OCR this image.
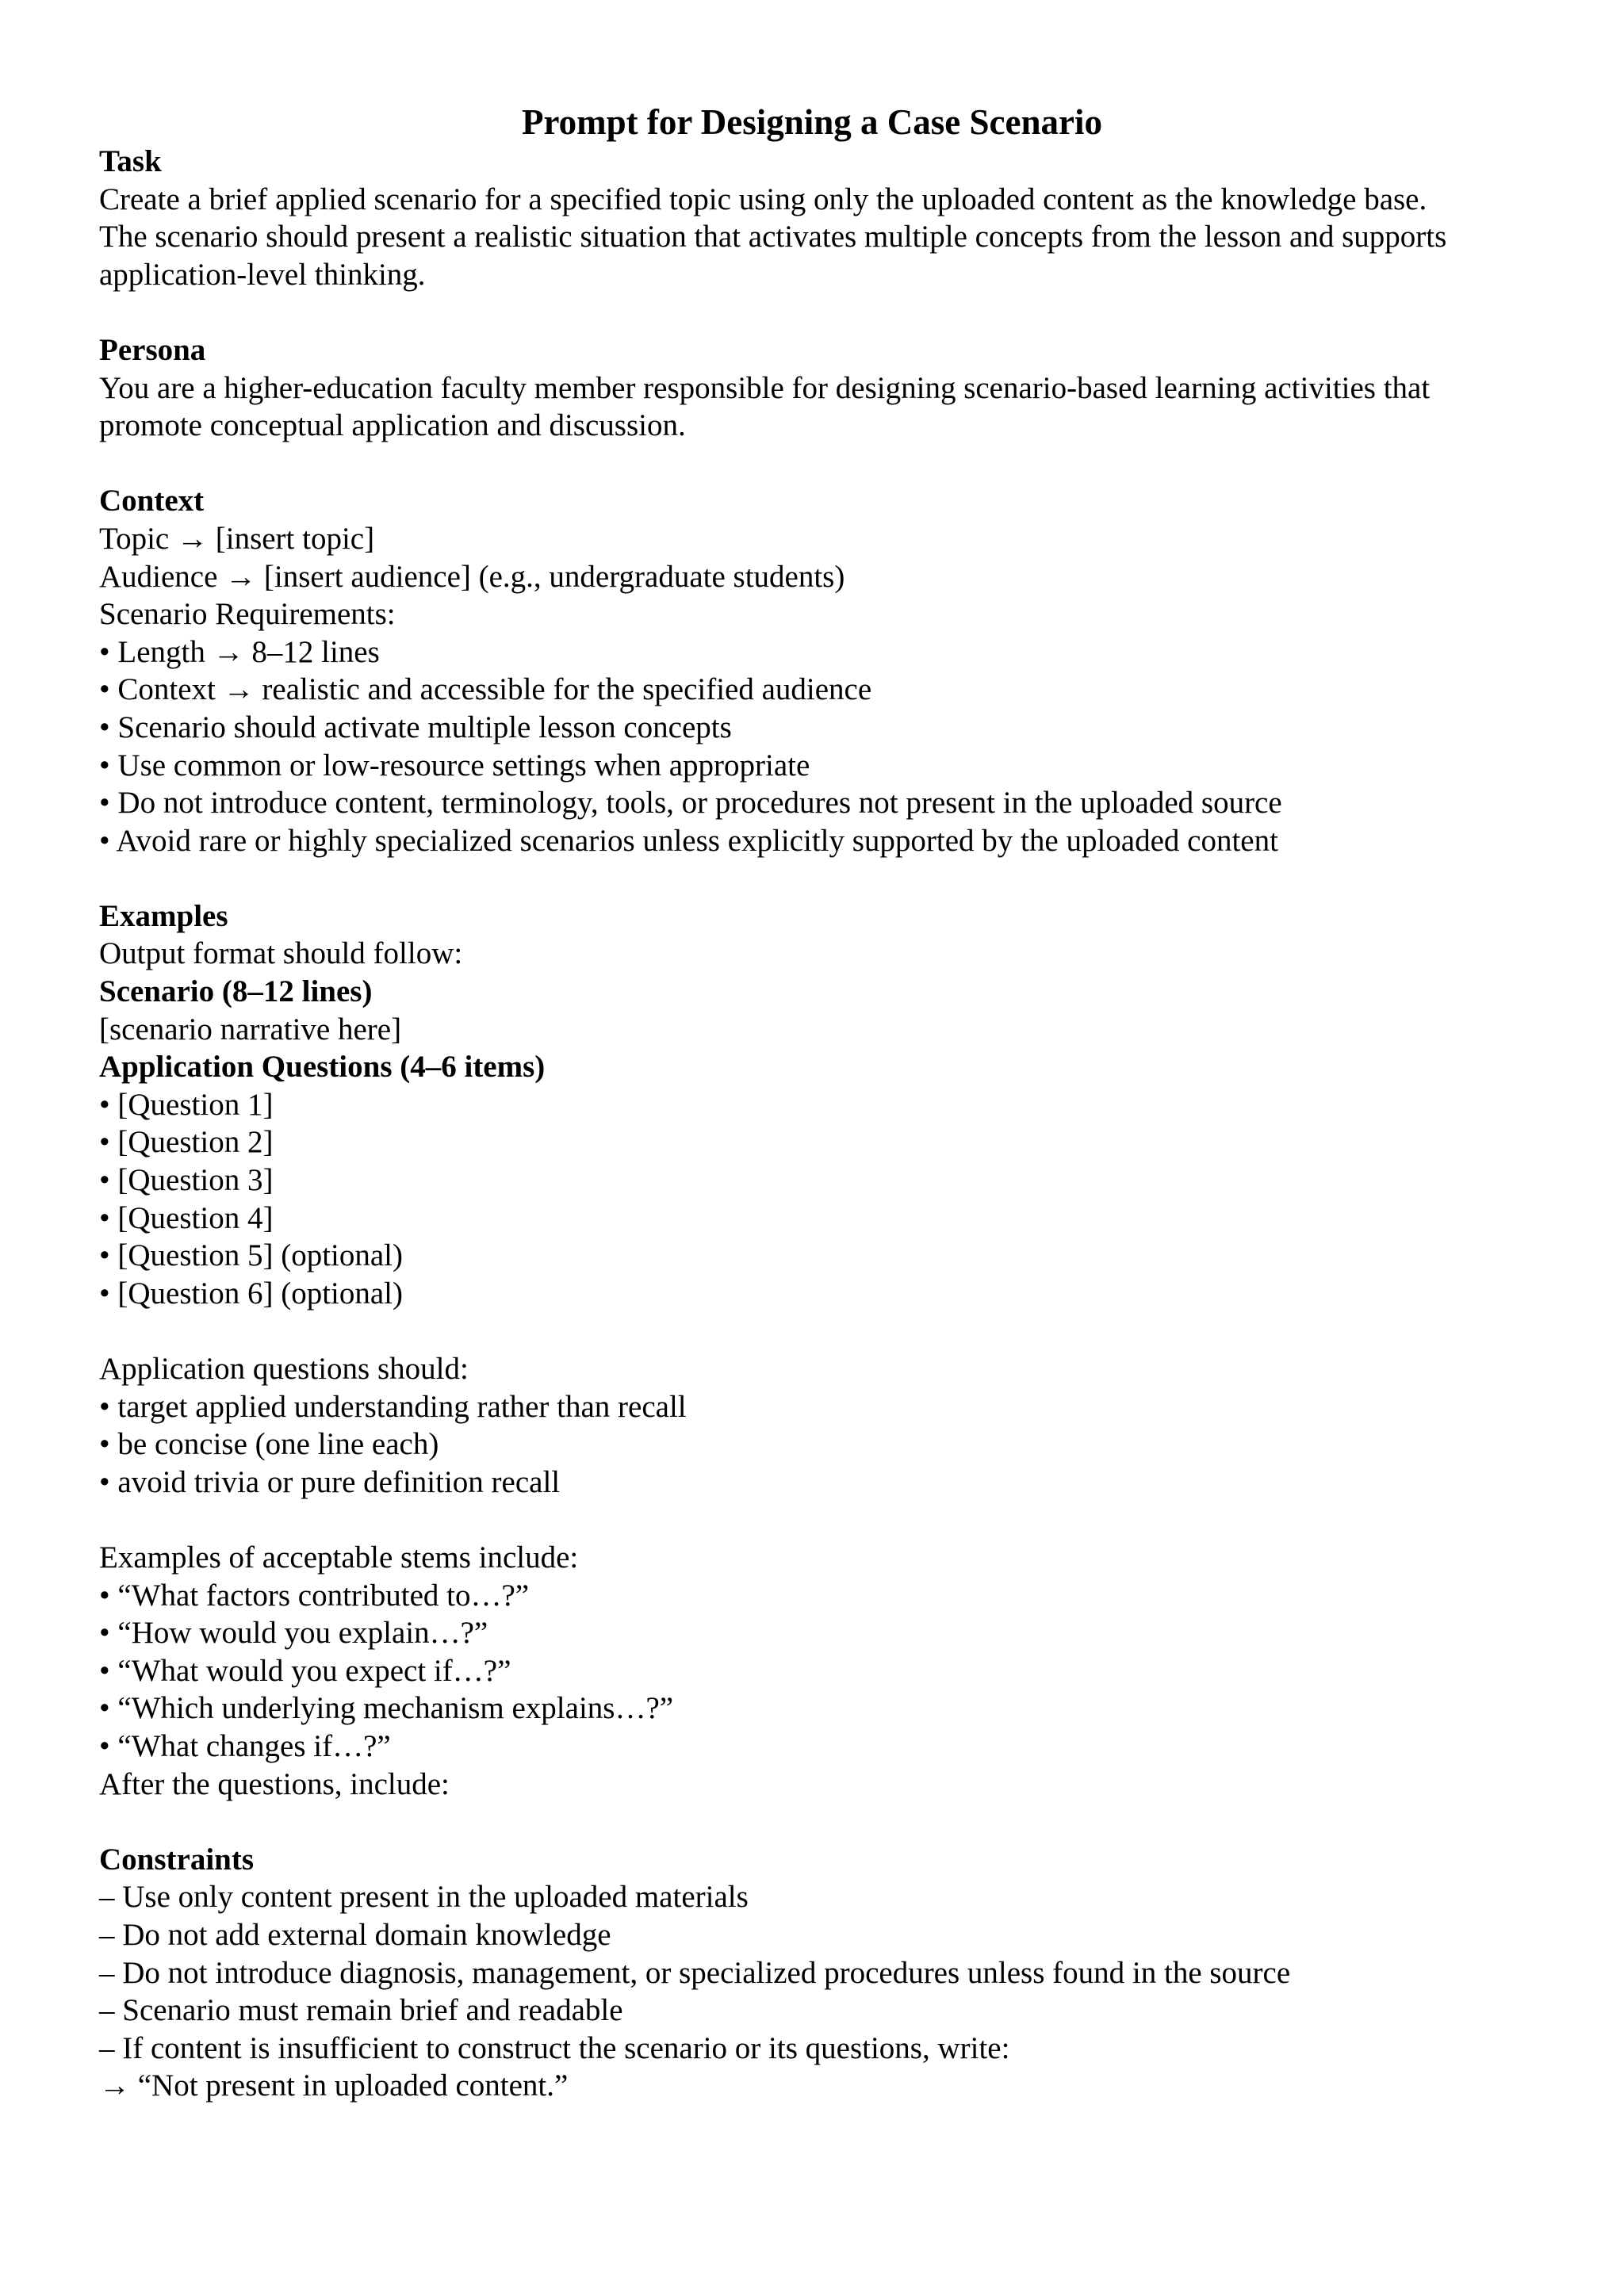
Prompt for Designing a Case Scenario
Task
Create a brief applied scenario for a specified topic using only the uploaded content as the knowledge base.
The scenario should present a realistic situation that activates multiple concepts from the lesson and supports
application-level thinking.
Persona
You are a higher-education faculty member responsible for designing scenario-based learning activities that
promote conceptual application and discussion.
Context
Topic → [insert topic]
Audience → [insert audience] (e.g., undergraduate students)
Scenario Requirements:
• Length → 8–12 lines
• Context → realistic and accessible for the specified audience
• Scenario should activate multiple lesson concepts
• Use common or low-resource settings when appropriate
• Do not introduce content, terminology, tools, or procedures not present in the uploaded source
• Avoid rare or highly specialized scenarios unless explicitly supported by the uploaded content
Examples
Output format should follow:
Scenario (8–12 lines)
[scenario narrative here]
Application Questions (4–6 items)
• [Question 1]
• [Question 2]
• [Question 3]
• [Question 4]
• [Question 5] (optional)
• [Question 6] (optional)
Application questions should:
• target applied understanding rather than recall
• be concise (one line each)
• avoid trivia or pure definition recall
Examples of acceptable stems include:
• “What factors contributed to…?”
• “How would you explain…?”
• “What would you expect if…?”
• “Which underlying mechanism explains…?”
• “What changes if…?”
After the questions, include:
Constraints
– Use only content present in the uploaded materials
– Do not add external domain knowledge
– Do not introduce diagnosis, management, or specialized procedures unless found in the source
– Scenario must remain brief and readable
– If content is insufficient to construct the scenario or its questions, write:
→ “Not present in uploaded content.”
